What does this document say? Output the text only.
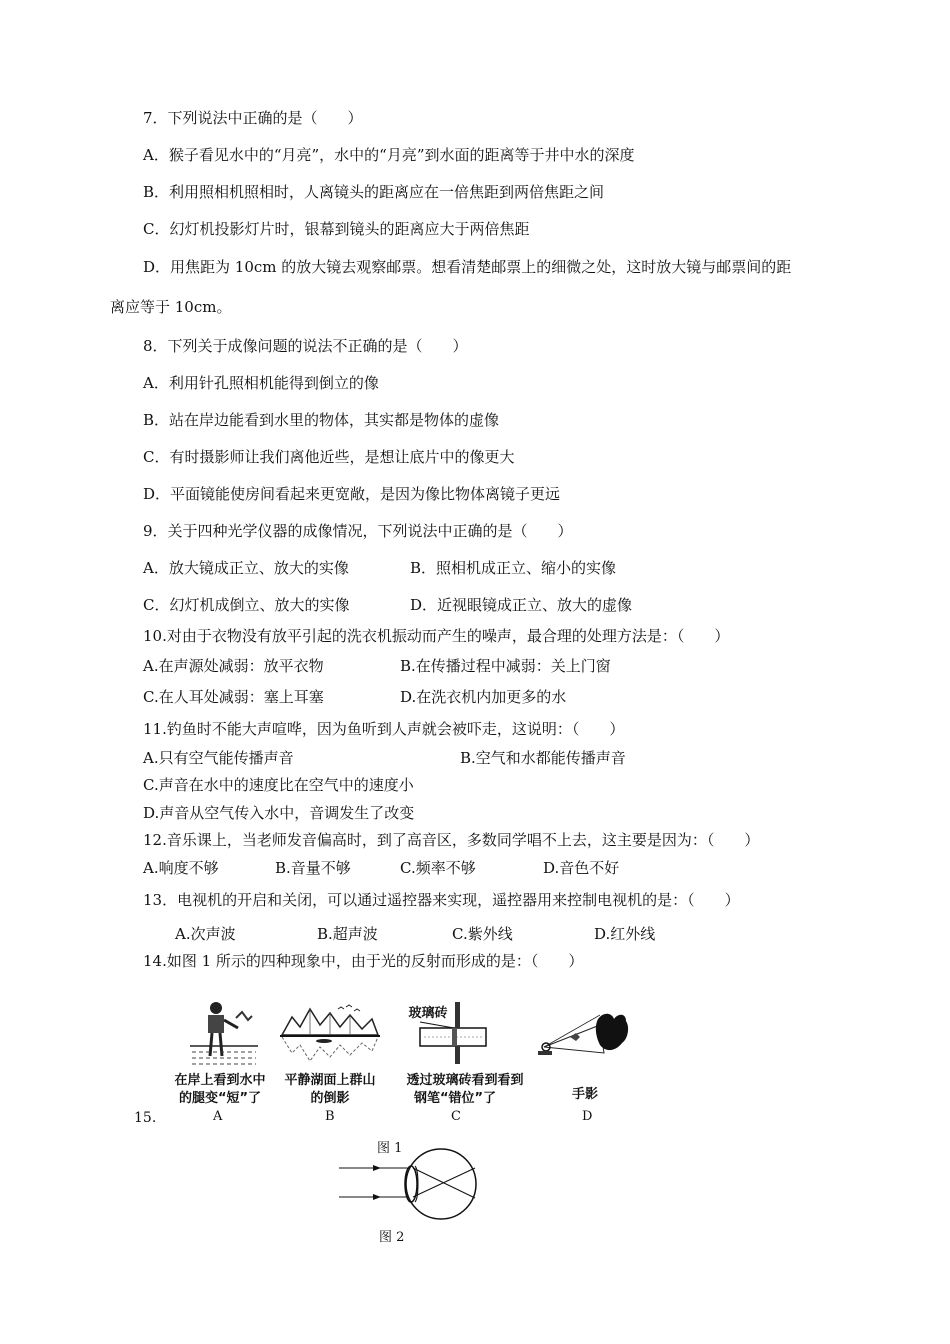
7．下列说法中正确的是（　　）
A．猴子看见水中的“月亮”，水中的“月亮”到水面的距离等于井中水的深度
B．利用照相机照相时，人离镜头的距离应在一倍焦距到两倍焦距之间
C．幻灯机投影灯片时，银幕到镜头的距离应大于两倍焦距
D．用焦距为 10cm 的放大镜去观察邮票。想看清楚邮票上的细微之处，这时放大镜与邮票间的距
离应等于 10cm。
8．下列关于成像问题的说法不正确的是（　　）
A．利用针孔照相机能得到倒立的像
B．站在岸边能看到水里的物体，其实都是物体的虚像
C．有时摄影师让我们离他近些，是想让底片中的像更大
D．平面镜能使房间看起来更宽敞，是因为像比物体离镜子更远
9．关于四种光学仪器的成像情况，下列说法中正确的是（　　）
A．放大镜成正立、放大的实像	B．照相机成正立、缩小的实像
C．幻灯机成倒立、放大的实像	D．近视眼镜成正立、放大的虚像
10.对由于衣物没有放平引起的洗衣机振动而产生的噪声，最合理的处理方法是：（　　）
A.在声源处减弱：放平衣物	B.在传播过程中减弱：关上门窗
C.在人耳处减弱：塞上耳塞	D.在洗衣机内加更多的水
11.钓鱼时不能大声喧哗，因为鱼听到人声就会被吓走，这说明：（　　）
A.只有空气能传播声音	B.空气和水都能传播声音
C.声音在水中的速度比在空气中的速度小
D.声音从空气传入水中，音调发生了改变
12.音乐课上，当老师发音偏高时，到了高音区，多数同学唱不上去，这主要是因为：（　　）
A.响度不够	B.音量不够	C.频率不够	D.音色不好
13．电视机的开启和关闭，可以通过遥控器来实现，遥控器用来控制电视机的是：（　　）
A.次声波	B.超声波	C.紫外线	D.红外线
14.如图 1 所示的四种现象中，由于光的反射而形成的是：（　　）
在岸上看到水中
的腿变“短”了
A
平静湖面上群山
的倒影
B
玻璃砖
透过玻璃砖看到看到
钢笔“错位”了
C
手影
D
15.
图 1
图 2
